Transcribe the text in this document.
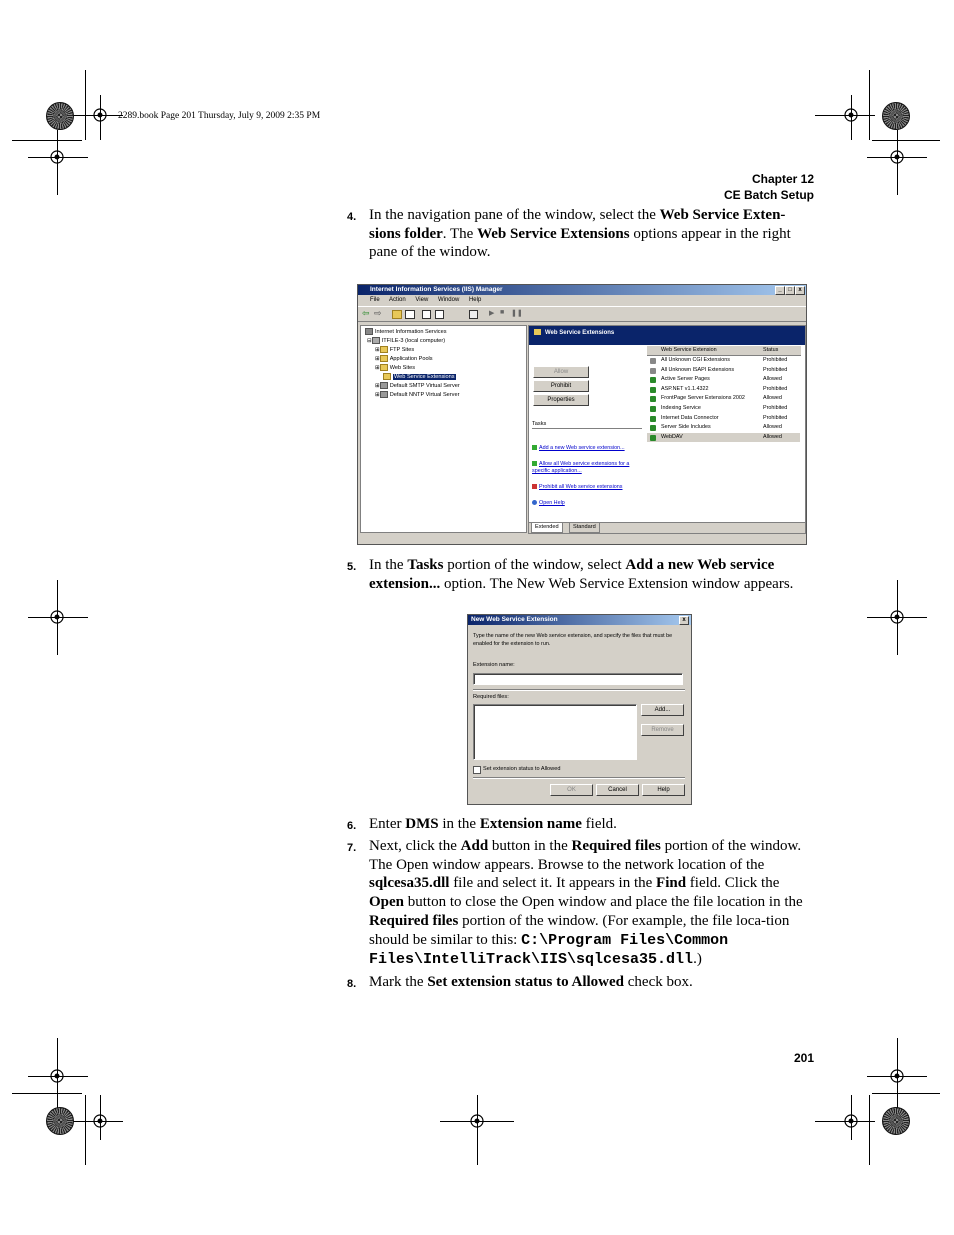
2289.book Page 201 Thursday, July 9, 2009 2:35 PM
Chapter 12
CE Batch Setup
4. In the navigation pane of the window, select the Web Service Exten-sions folder. The Web Service Extensions options appear in the right pane of the window.
Internet Information Services (IIS) Manager	_	□	x
File Action View Window Help
⇦ ⇨	▶ ■ ❚❚
Internet Information Services
⊟ ITFILE-3 (local computer)
⊞ FTP Sites
⊞ Application Pools
⊞ Web Sites
Web Service Extensions
⊞ Default SMTP Virtual Server
⊞ Default NNTP Virtual Server
Web Service Extensions
Allow
Prohibit
Properties
Tasks
Add a new Web service extension...
Allow all Web service extensions for a
specific application...
Prohibit all Web service extensions
Open Help
Web Service Extension	Status
All Unknown CGI Extensions	Prohibited
All Unknown ISAPI Extensions	Prohibited
Active Server Pages	Allowed
ASP.NET v1.1.4322	Prohibited
FrontPage Server Extensions 2002	Allowed
Indexing Service	Prohibited
Internet Data Connector	Prohibited
Server Side Includes	Allowed
WebDAV	Allowed
Extended	Standard
5. In the Tasks portion of the window, select Add a new Web service extension... option. The New Web Service Extension window appears.
New Web Service Extension	x
Type the name of the new Web service extension, and specify the files that must be enabled for the extension to run.
Extension name:
Required files:
Add...
Remove
Set extension status to Allowed
OK	Cancel	Help
6. Enter DMS in the Extension name field.
7. Next, click the Add button in the Required files portion of the window. The Open window appears. Browse to the network location of the sqlcesa35.dll file and select it. It appears in the Find field. Click the Open button to close the Open window and place the file location in the Required files portion of the window. (For example, the file loca-tion should be similar to this: C:\Program Files\Common Files\IntelliTrack\IIS\sqlcesa35.dll.)
8. Mark the Set extension status to Allowed check box.
201
